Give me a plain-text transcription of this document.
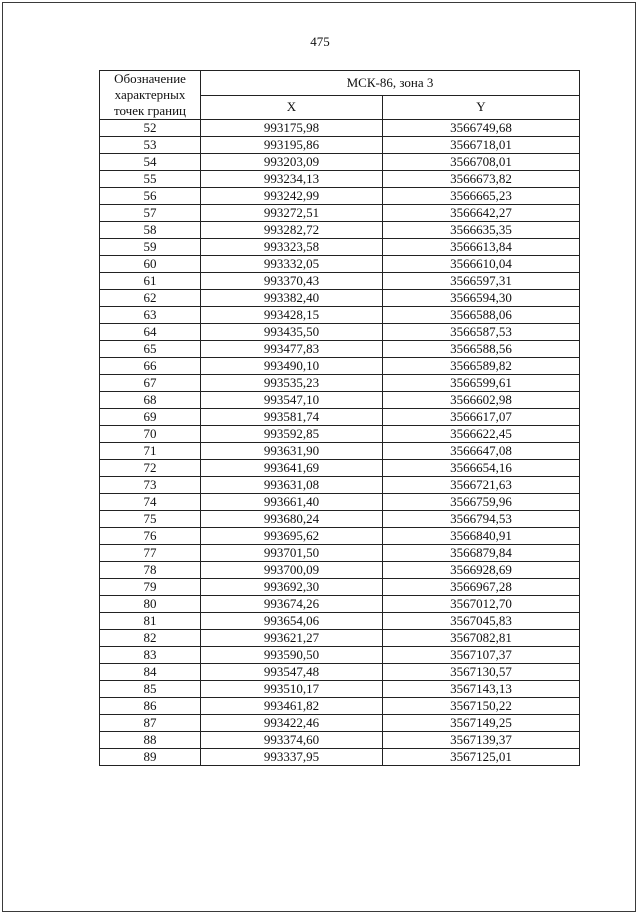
475
Обозначение характерных точек границ	МСК-86, зона 3	
	X	Y
52	993175,98	3566749,68
53	993195,86	3566718,01
54	993203,09	3566708,01
55	993234,13	3566673,82
56	993242,99	3566665,23
57	993272,51	3566642,27
58	993282,72	3566635,35
59	993323,58	3566613,84
60	993332,05	3566610,04
61	993370,43	3566597,31
62	993382,40	3566594,30
63	993428,15	3566588,06
64	993435,50	3566587,53
65	993477,83	3566588,56
66	993490,10	3566589,82
67	993535,23	3566599,61
68	993547,10	3566602,98
69	993581,74	3566617,07
70	993592,85	3566622,45
71	993631,90	3566647,08
72	993641,69	3566654,16
73	993631,08	3566721,63
74	993661,40	3566759,96
75	993680,24	3566794,53
76	993695,62	3566840,91
77	993701,50	3566879,84
78	993700,09	3566928,69
79	993692,30	3566967,28
80	993674,26	3567012,70
81	993654,06	3567045,83
82	993621,27	3567082,81
83	993590,50	3567107,37
84	993547,48	3567130,57
85	993510,17	3567143,13
86	993461,82	3567150,22
87	993422,46	3567149,25
88	993374,60	3567139,37
89	993337,95	3567125,01
